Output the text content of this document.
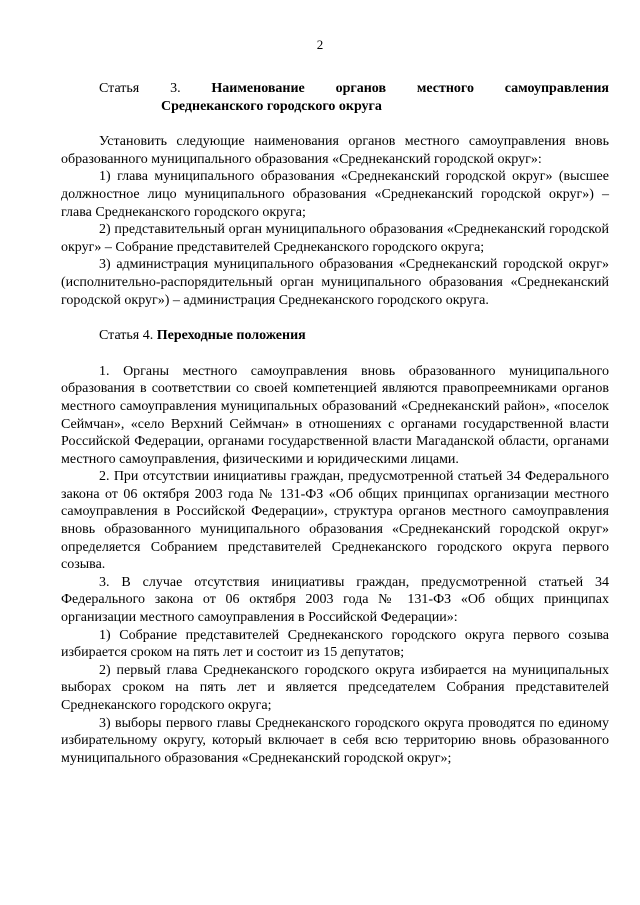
2

Статья 3. Наименование органов местного самоуправления

Среднеканского городского округа

Установить следующие наименования органов местного самоуправления вновь образованного муниципального образования «Среднеканский городской округ»:

1) глава муниципального образования «Среднеканский городской округ» (высшее должностное лицо муниципального образования «Среднеканский городской округ») – глава Среднеканского городского округа;

2) представительный орган муниципального образования «Среднеканский городской округ» – Собрание представителей Среднеканского городского округа;

3) администрация муниципального образования «Среднеканский городской округ» (исполнительно-распорядительный орган муниципального образования «Среднеканский городской округ») – администрация Среднеканского городского округа.

Статья 4. Переходные положения

1. Органы местного самоуправления вновь образованного муниципального образования в соответствии со своей компетенцией являются правопреемниками органов местного самоуправления муниципальных образований «Среднеканский район», «поселок Сеймчан», «село Верхний Сеймчан» в отношениях с органами государственной власти Российской Федерации, органами государственной власти Магаданской области, органами местного самоуправления, физическими и юридическими лицами.

2. При отсутствии инициативы граждан, предусмотренной статьей 34 Федерального закона от 06 октября 2003 года № 131-ФЗ «Об общих принципах организации местного самоуправления в Российской Федерации», структура органов местного самоуправления вновь образованного муниципального образования «Среднеканский городской округ» определяется Собранием представителей Среднеканского городского округа первого созыва.

3. В случае отсутствия инициативы граждан, предусмотренной статьей 34 Федерального закона от 06 октября 2003 года № 131-ФЗ «Об общих принципах организации местного самоуправления в Российской Федерации»:

1) Собрание представителей Среднеканского городского округа первого созыва избирается сроком на пять лет и состоит из 15 депутатов;

2) первый глава Среднеканского городского округа избирается на муниципальных выборах сроком на пять лет и является председателем Собрания представителей Среднеканского городского округа;

3) выборы первого главы Среднеканского городского округа проводятся по единому избирательному округу, который включает в себя всю территорию вновь образованного муниципального образования «Среднеканский городской округ»;
